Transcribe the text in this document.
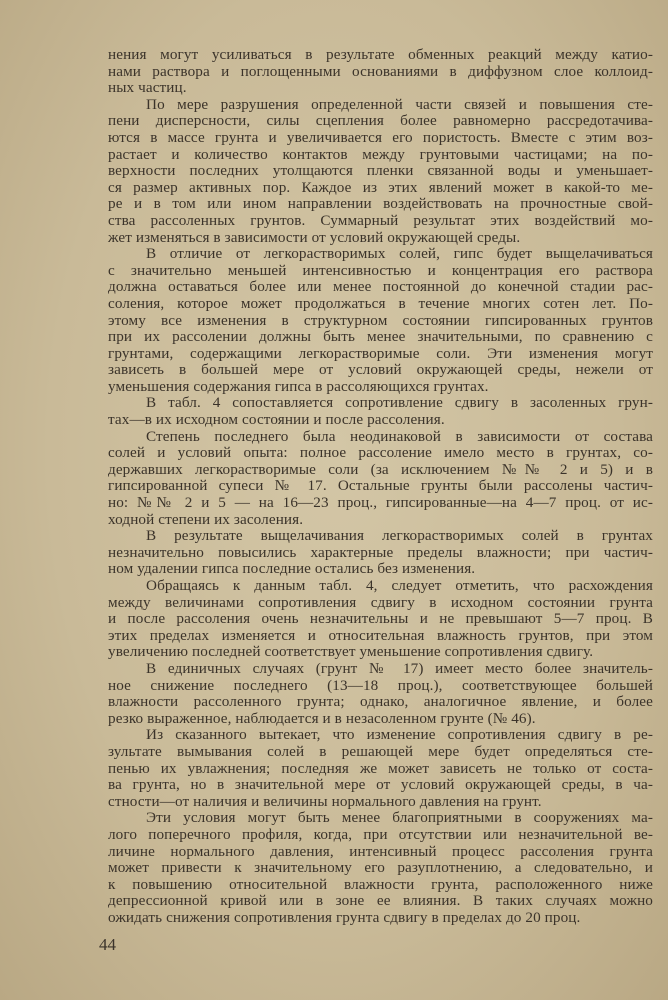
нения могут усиливаться в результате обменных реакций между катио-
нами раствора и поглощенными основаниями в диффузном слое коллоид-
ных частиц.
По мере разрушения определенной части связей и повышения сте-
пени дисперсности, силы сцепления более равномерно рассредотачива-
ются в массе грунта и увеличивается его пористость. Вместе с этим воз-
растает и количество контактов между грунтовыми частицами; на по-
верхности последних утолщаются пленки связанной воды и уменьшает-
ся размер активных пор. Каждое из этих явлений может в какой-то ме-
ре и в том или ином направлении воздействовать на прочностные свой-
ства рассоленных грунтов. Суммарный результат этих воздействий мо-
жет изменяться в зависимости от условий окружающей среды.
В отличие от легкорастворимых солей, гипс будет выщелачиваться
с значительно меньшей интенсивностью и концентрация его раствора
должна оставаться более или менее постоянной до конечной стадии рас-
соления, которое может продолжаться в течение многих сотен лет. По-
этому все изменения в структурном состоянии гипсированных грунтов
при их рассолении должны быть менее значительными, по сравнению с
грунтами, содержащими легкорастворимые соли. Эти изменения могут
зависеть в большей мере от условий окружающей среды, нежели от
уменьшения содержания гипса в рассоляющихся грунтах.
В табл. 4 сопоставляется сопротивление сдвигу в засоленных грун-
тах—в их исходном состоянии и после рассоления.
Степень последнего была неодинаковой в зависимости от состава
солей и условий опыта: полное рассоление имело место в грунтах, со-
державших легкорастворимые соли (за исключением №№ 2 и 5) и в
гипсированной супеси № 17. Остальные грунты были рассолены частич-
но: №№ 2 и 5 — на 16—23 проц., гипсированные—на 4—7 проц. от ис-
ходной степени их засоления.
В результате выщелачивания легкорастворимых солей в грунтах
незначительно повысились характерные пределы влажности; при частич-
ном удалении гипса последние остались без изменения.
Обращаясь к данным табл. 4, следует отметить, что расхождения
между величинами сопротивления сдвигу в исходном состоянии грунта
и после рассоления очень незначительны и не превышают 5—7 проц. В
этих пределах изменяется и относительная влажность грунтов, при этом
увеличению последней соответствует уменьшение сопротивления сдвигу.
В единичных случаях (грунт № 17) имеет место более значитель-
ное снижение последнего (13—18 проц.), соответствующее большей
влажности рассоленного грунта; однако, аналогичное явление, и более
резко выраженное, наблюдается и в незасоленном грунте (№ 46).
Из сказанного вытекает, что изменение сопротивления сдвигу в ре-
зультате вымывания солей в решающей мере будет определяться сте-
пенью их увлажнения; последняя же может зависеть не только от соста-
ва грунта, но в значительной мере от условий окружающей среды, в ча-
стности—от наличия и величины нормального давления на грунт.
Эти условия могут быть менее благоприятными в сооружениях ма-
лого поперечного профиля, когда, при отсутствии или незначительной ве-
личине нормального давления, интенсивный процесс рассоления грунта
может привести к значительному его разуплотнению, а следовательно, и
к повышению относительной влажности грунта, расположенного ниже
депрессионной кривой или в зоне ее влияния. В таких случаях можно
ожидать снижения сопротивления грунта сдвигу в пределах до 20 проц.
44
